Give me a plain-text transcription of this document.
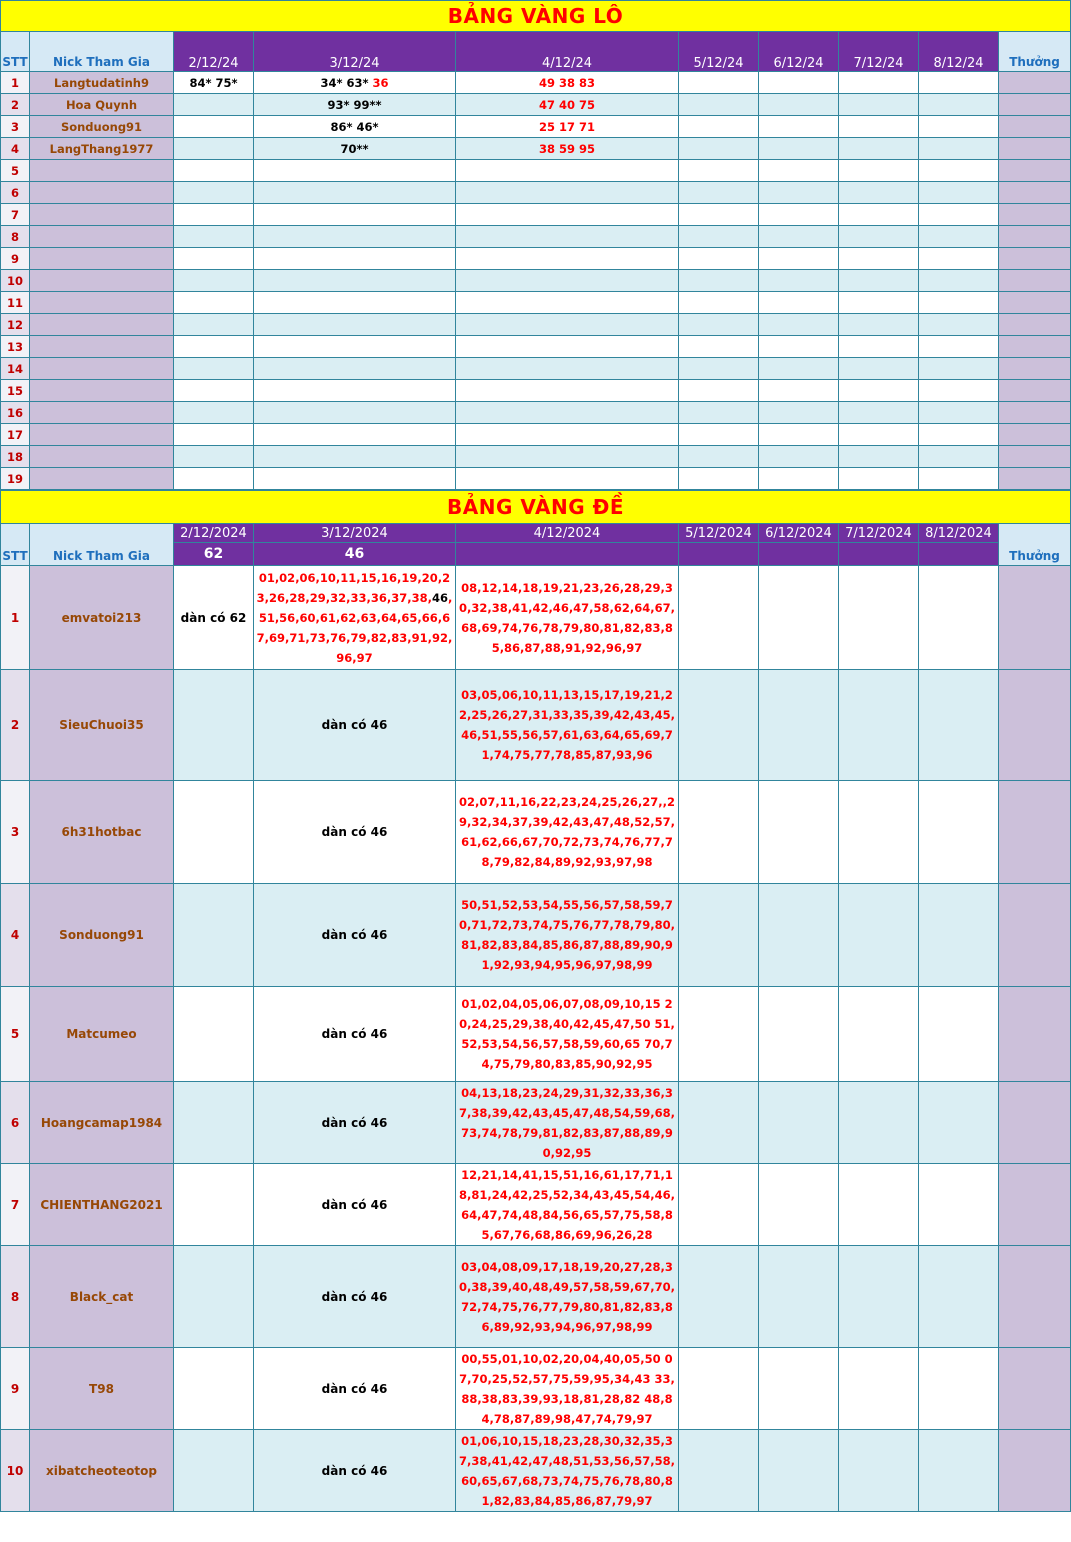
BẢNG VÀNG LÔ									
STT	Nick Tham Gia	2/12/24	3/12/24	4/12/24	5/12/24	6/12/24	7/12/24	8/12/24	Thưởng
1	Langtudatinh9	84* 75*	34* 63* 36	49 38 83					
2	Hoa Quynh		93* 99**	47 40 75					
3	Sonduong91		86* 46*	25 17 71					
4	LangThang1977		70**	38 59 95					
5									
6									
7									
8									
9									
10									
11									
12									
13									
14									
15									
16									
17									
18									
19									
BẢNG VÀNG ĐỀ									
STT	Nick Tham Gia	2/12/2024	3/12/2024	4/12/2024	5/12/2024	6/12/2024	7/12/2024	8/12/2024	Thưởng
		62	46						
1	emvatoi213	dàn có 62	01,02,06,10,11,15,16,19,20,23,26,28,29,32,33,36,37,38,46,51,56,60,61,62,63,64,65,66,67,69,71,73,76,79,82,83,91,92,96,97	08,12,14,18,19,21,23,26,28,29,30,32,38,41,42,46,47,58,62,64,67,68,69,74,76,78,79,80,81,82,83,85,86,87,88,91,92,96,97					

2	SieuChuoi35		dàn có 46	03,05,06,10,11,13,15,17,19,21,22,25,26,27,31,33,35,39,42,43,45,46,51,55,56,57,61,63,64,65,69,71,74,75,77,78,85,87,93,96					

3	6h31hotbac		dàn có 46	02,07,11,16,22,23,24,25,26,27,,29,32,34,37,39,42,43,47,48,52,57,61,62,66,67,70,72,73,74,76,77,78,79,82,84,89,92,93,97,98					

4	Sonduong91		dàn có 46	50,51,52,53,54,55,56,57,58,59,70,71,72,73,74,75,76,77,78,79,80,81,82,83,84,85,86,87,88,89,90,91,92,93,94,95,96,97,98,99					

5	Matcumeo		dàn có 46	01,02,04,05,06,07,08,09,10,15 20,24,25,29,38,40,42,45,47,50 51,52,53,54,56,57,58,59,60,65 70,74,75,79,80,83,85,90,92,95					

6	Hoangcamap1984		dàn có 46	04,13,18,23,24,29,31,32,33,36,37,38,39,42,43,45,47,48,54,59,68,73,74,78,79,81,82,83,87,88,89,90,92,95					

7	CHIENTHANG2021		dàn có 46	12,21,14,41,15,51,16,61,17,71,18,81,24,42,25,52,34,43,45,54,46,64,47,74,48,84,56,65,57,75,58,85,67,76,68,86,69,96,26,28					

8	Black_cat		dàn có 46	03,04,08,09,17,18,19,20,27,28,30,38,39,40,48,49,57,58,59,67,70,72,74,75,76,77,79,80,81,82,83,86,89,92,93,94,96,97,98,99					

9	T98		dàn có 46	00,55,01,10,02,20,04,40,05,50 07,70,25,52,57,75,59,95,34,43 33,88,38,83,39,93,18,81,28,82 48,84,78,87,89,98,47,74,79,97					

10	xibatcheoteotop		dàn có 46	01,06,10,15,18,23,28,30,32,35,37,38,41,42,47,48,51,53,56,57,58,60,65,67,68,73,74,75,76,78,80,81,82,83,84,85,86,87,79,97					
